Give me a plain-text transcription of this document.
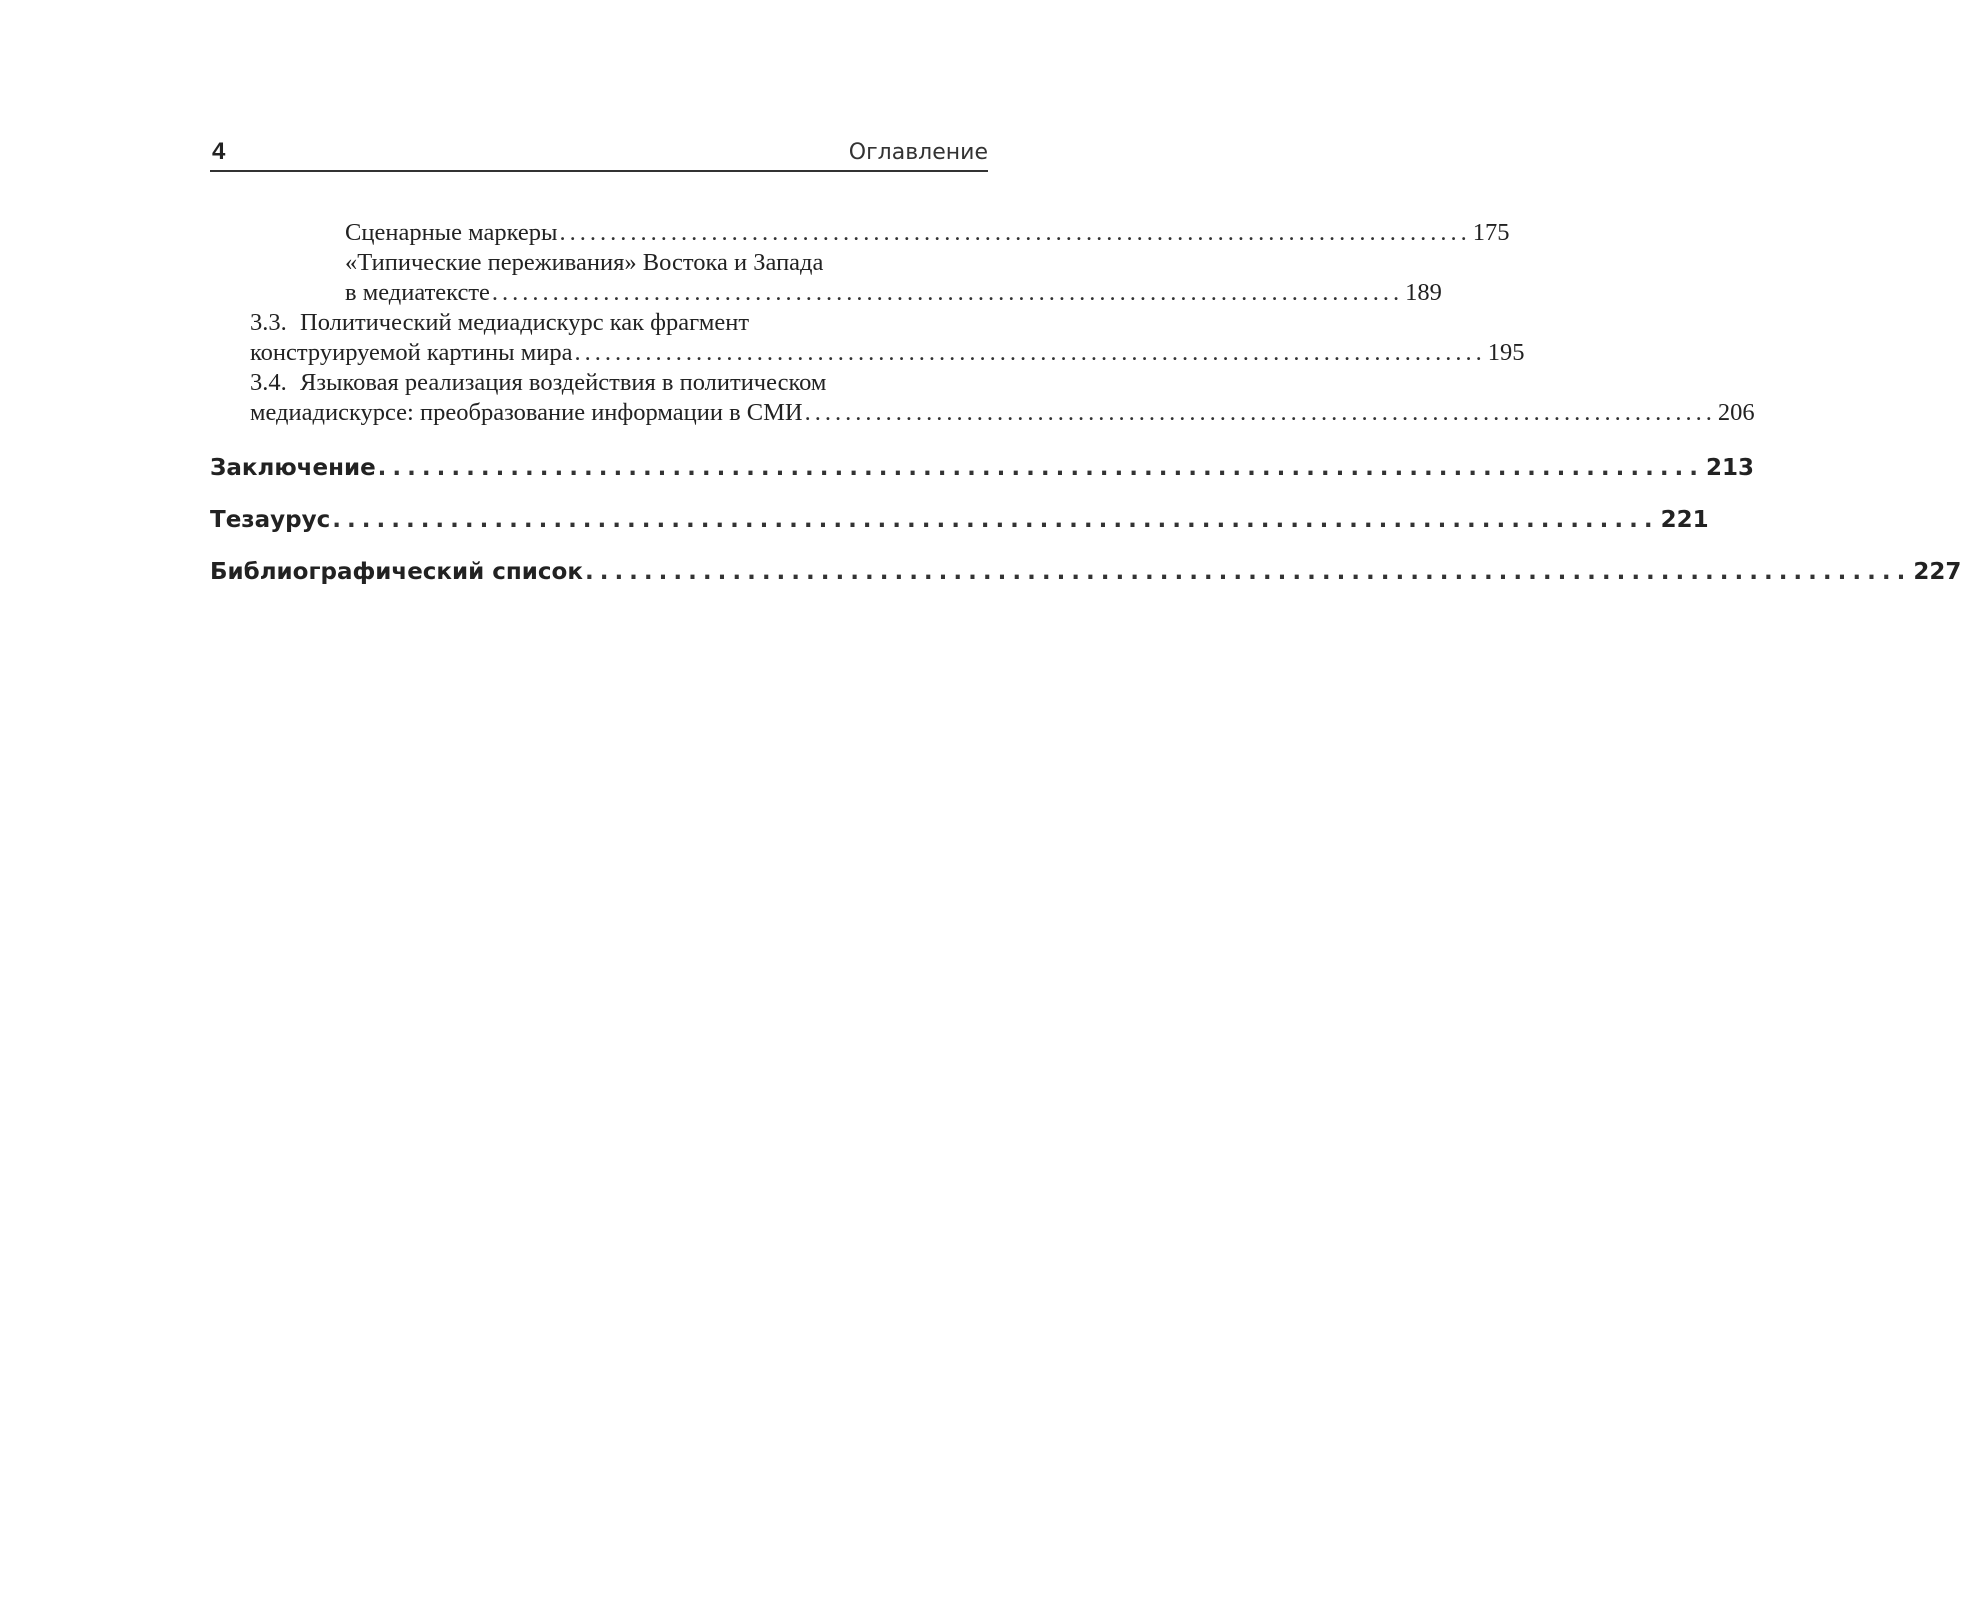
4	Оглавление
Сценарные маркеры .......................................................................................... 175
«Типические переживания» Востока и Запада
в медиатексте .......................................................................................... 189
3.3. Политический медиадискурс как фрагмент
конструируемой картины мира .......................................................................................... 195
3.4. Языковая реализация воздействия в политическом
медиадискурсе: преобразование информации в СМИ .......................................................................................... 206
Заключение .......................................................................................... 213
Тезаурус .......................................................................................... 221
Библиографический список .......................................................................................... 227
